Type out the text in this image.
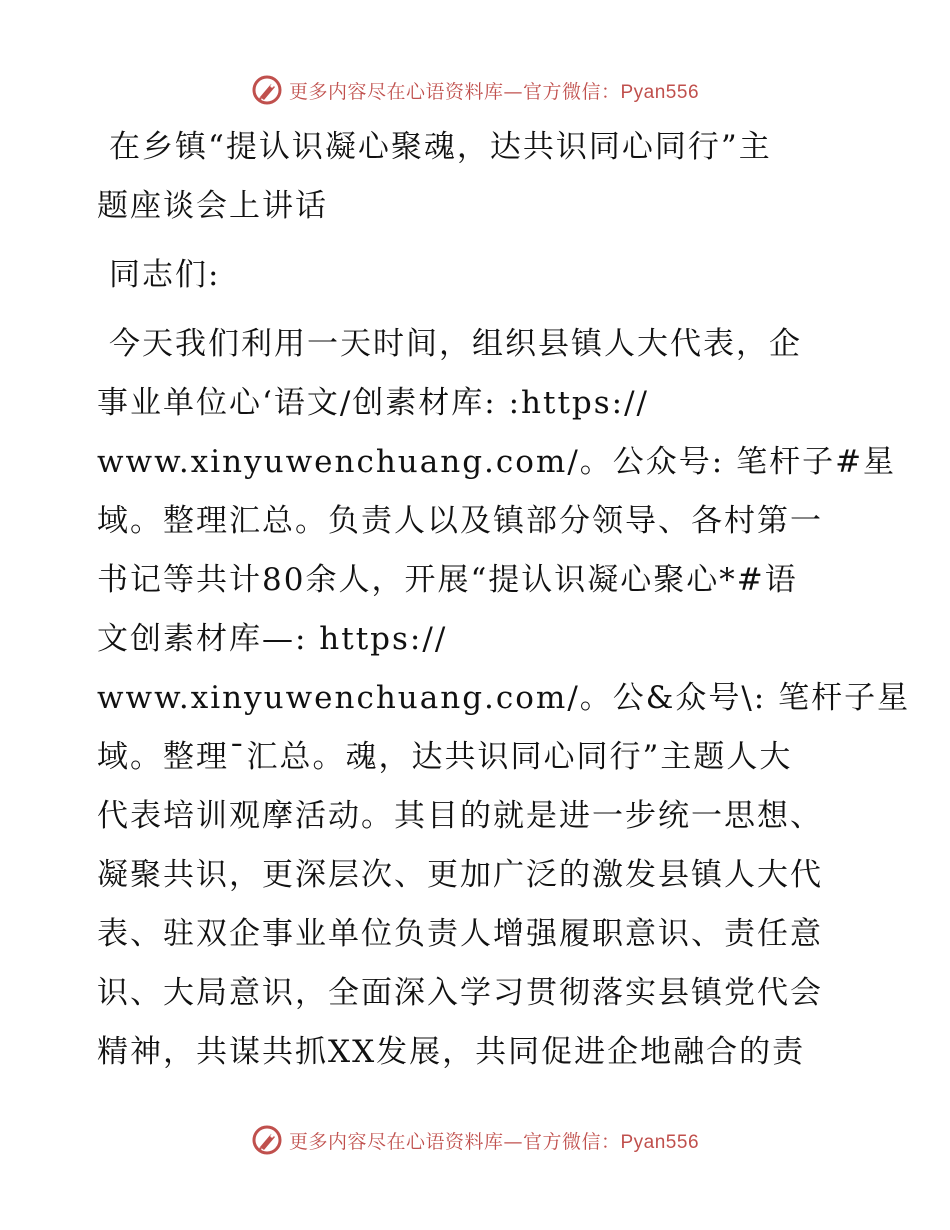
更多内容尽在心语资料库—官方微信：Pyan556
在乡镇“提认识凝心聚魂，达共识同心同行”主
题座谈会上讲话
同志们:
今天我们利用一天时间，组织县镇人大代表，企
事业单位心‘语文/创素材库: :https://
www.xinyuwenchuang.com/。公众号: 笔杆子#星
域。整理汇总。负责人以及镇部分领导、各村第一
书记等共计80余人，开展“提认识凝心聚心*#语
文创素材库—: https://
www.xinyuwenchuang.com/。公&众号\: 笔杆子星
域。整理¯汇总。魂，达共识同心同行”主题人大
代表培训观摩活动。其目的就是进一步统一思想、
凝聚共识，更深层次、更加广泛的激发县镇人大代
表、驻双企事业单位负责人增强履职意识、责任意
识、大局意识，全面深入学习贯彻落实县镇党代会
精神，共谋共抓XX发展，共同促进企地融合的责
更多内容尽在心语资料库—官方微信：Pyan556
